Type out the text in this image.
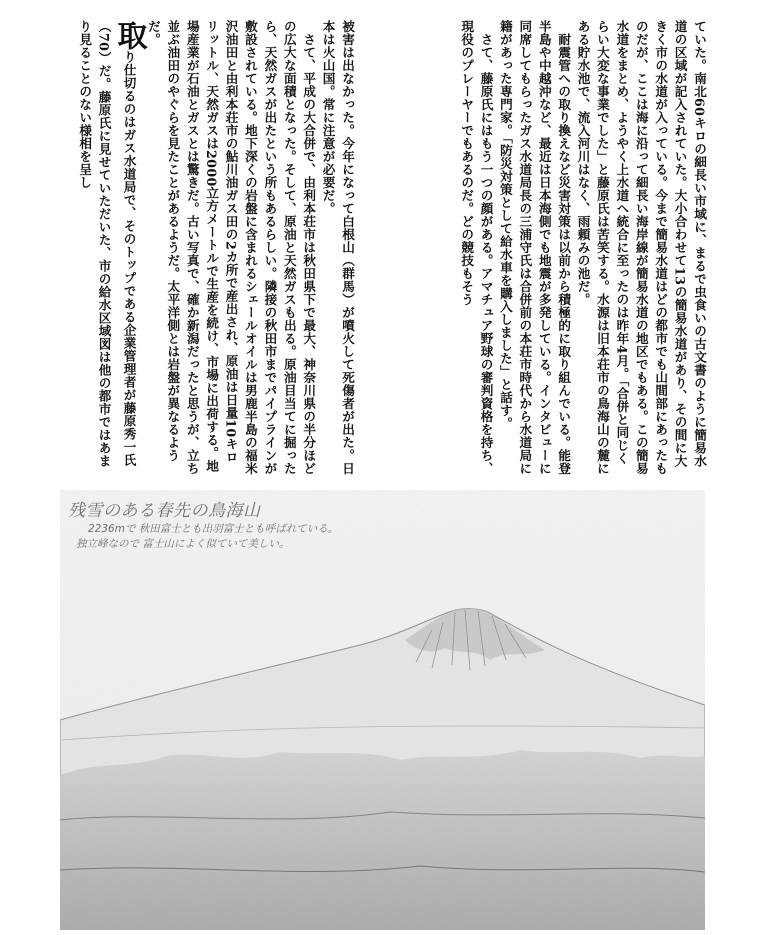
ていた。南北60キロの細長い市域に、まるで虫食いの古文書のように簡易水道の区域が記入されていた。大小合わせて13の簡易水道があり、その間に大きく市の水道が入っている。今まで簡易水道はどの都市でも山間部にあったものだが、ここは海に沿って細長い海岸線が簡易水道の地区でもある。この簡易水道をまとめ、ようやく上水道へ統合に至ったのは昨年4月。「合併と同じくらい大変な事業でした」と藤原氏は苦笑する。水源は旧本荘市の鳥海山の麓にある貯水池で、流入河川はなく、雨頼みの池だ。

　耐震管への取り換えなど災害対策は以前から積極的に取り組んでいる。能登半島や中越沖など、最近は日本海側でも地震が多発している。インタビューに同席してもらったガス水道局長の三浦守氏は合併前の本荘市時代から水道局に籍があった専門家。「防災対策として給水車を購入しました」と話す。

　さて、藤原氏にはもう一つの顔がある。アマチュア野球の審判資格を持ち、現役のプレーヤーでもあるのだ。どの競技もそう

被害は出なかった。今年になって白根山（群馬）が噴火して死傷者が出た。日本は火山国。常に注意が必要だ。

　さて、平成の大合併で、由利本荘市は秋田県下で最大、神奈川県の半分ほどの広大な面積となった。そして、原油と天然ガスも出る。原油目当てに掘ったら、天然ガスが出たという所もあるらしい。隣接の秋田市までパイプラインが敷設されている。地下深くの岩盤に含まれるシェールオイルは男鹿半島の福米沢油田と由利本荘市の鮎川油ガス田の2カ所で産出され、原油は日量10キロリットル、天然ガスは2000立方メートルで生産を続け、市場に出荷する。地場産業が石油とガスとは驚きだ。古い写真で、確か新潟だったと思うが、立ち並ぶ油田のやぐらを見たことがあるようだ。太平洋側とは岩盤が異なるようだ。

取り仕切るのはガス水道局で、そのトップである企業管理者が藤原秀一氏（70）だ。藤原氏に見せていただいた、市の給水区域図は他の都市ではあまり見ることのない様相を呈し

残雪のある春先の鳥海山
2236mで 秋田富士とも出羽富士とも呼ばれている。
独立峰なので 富士山によく似ていて美しい。
